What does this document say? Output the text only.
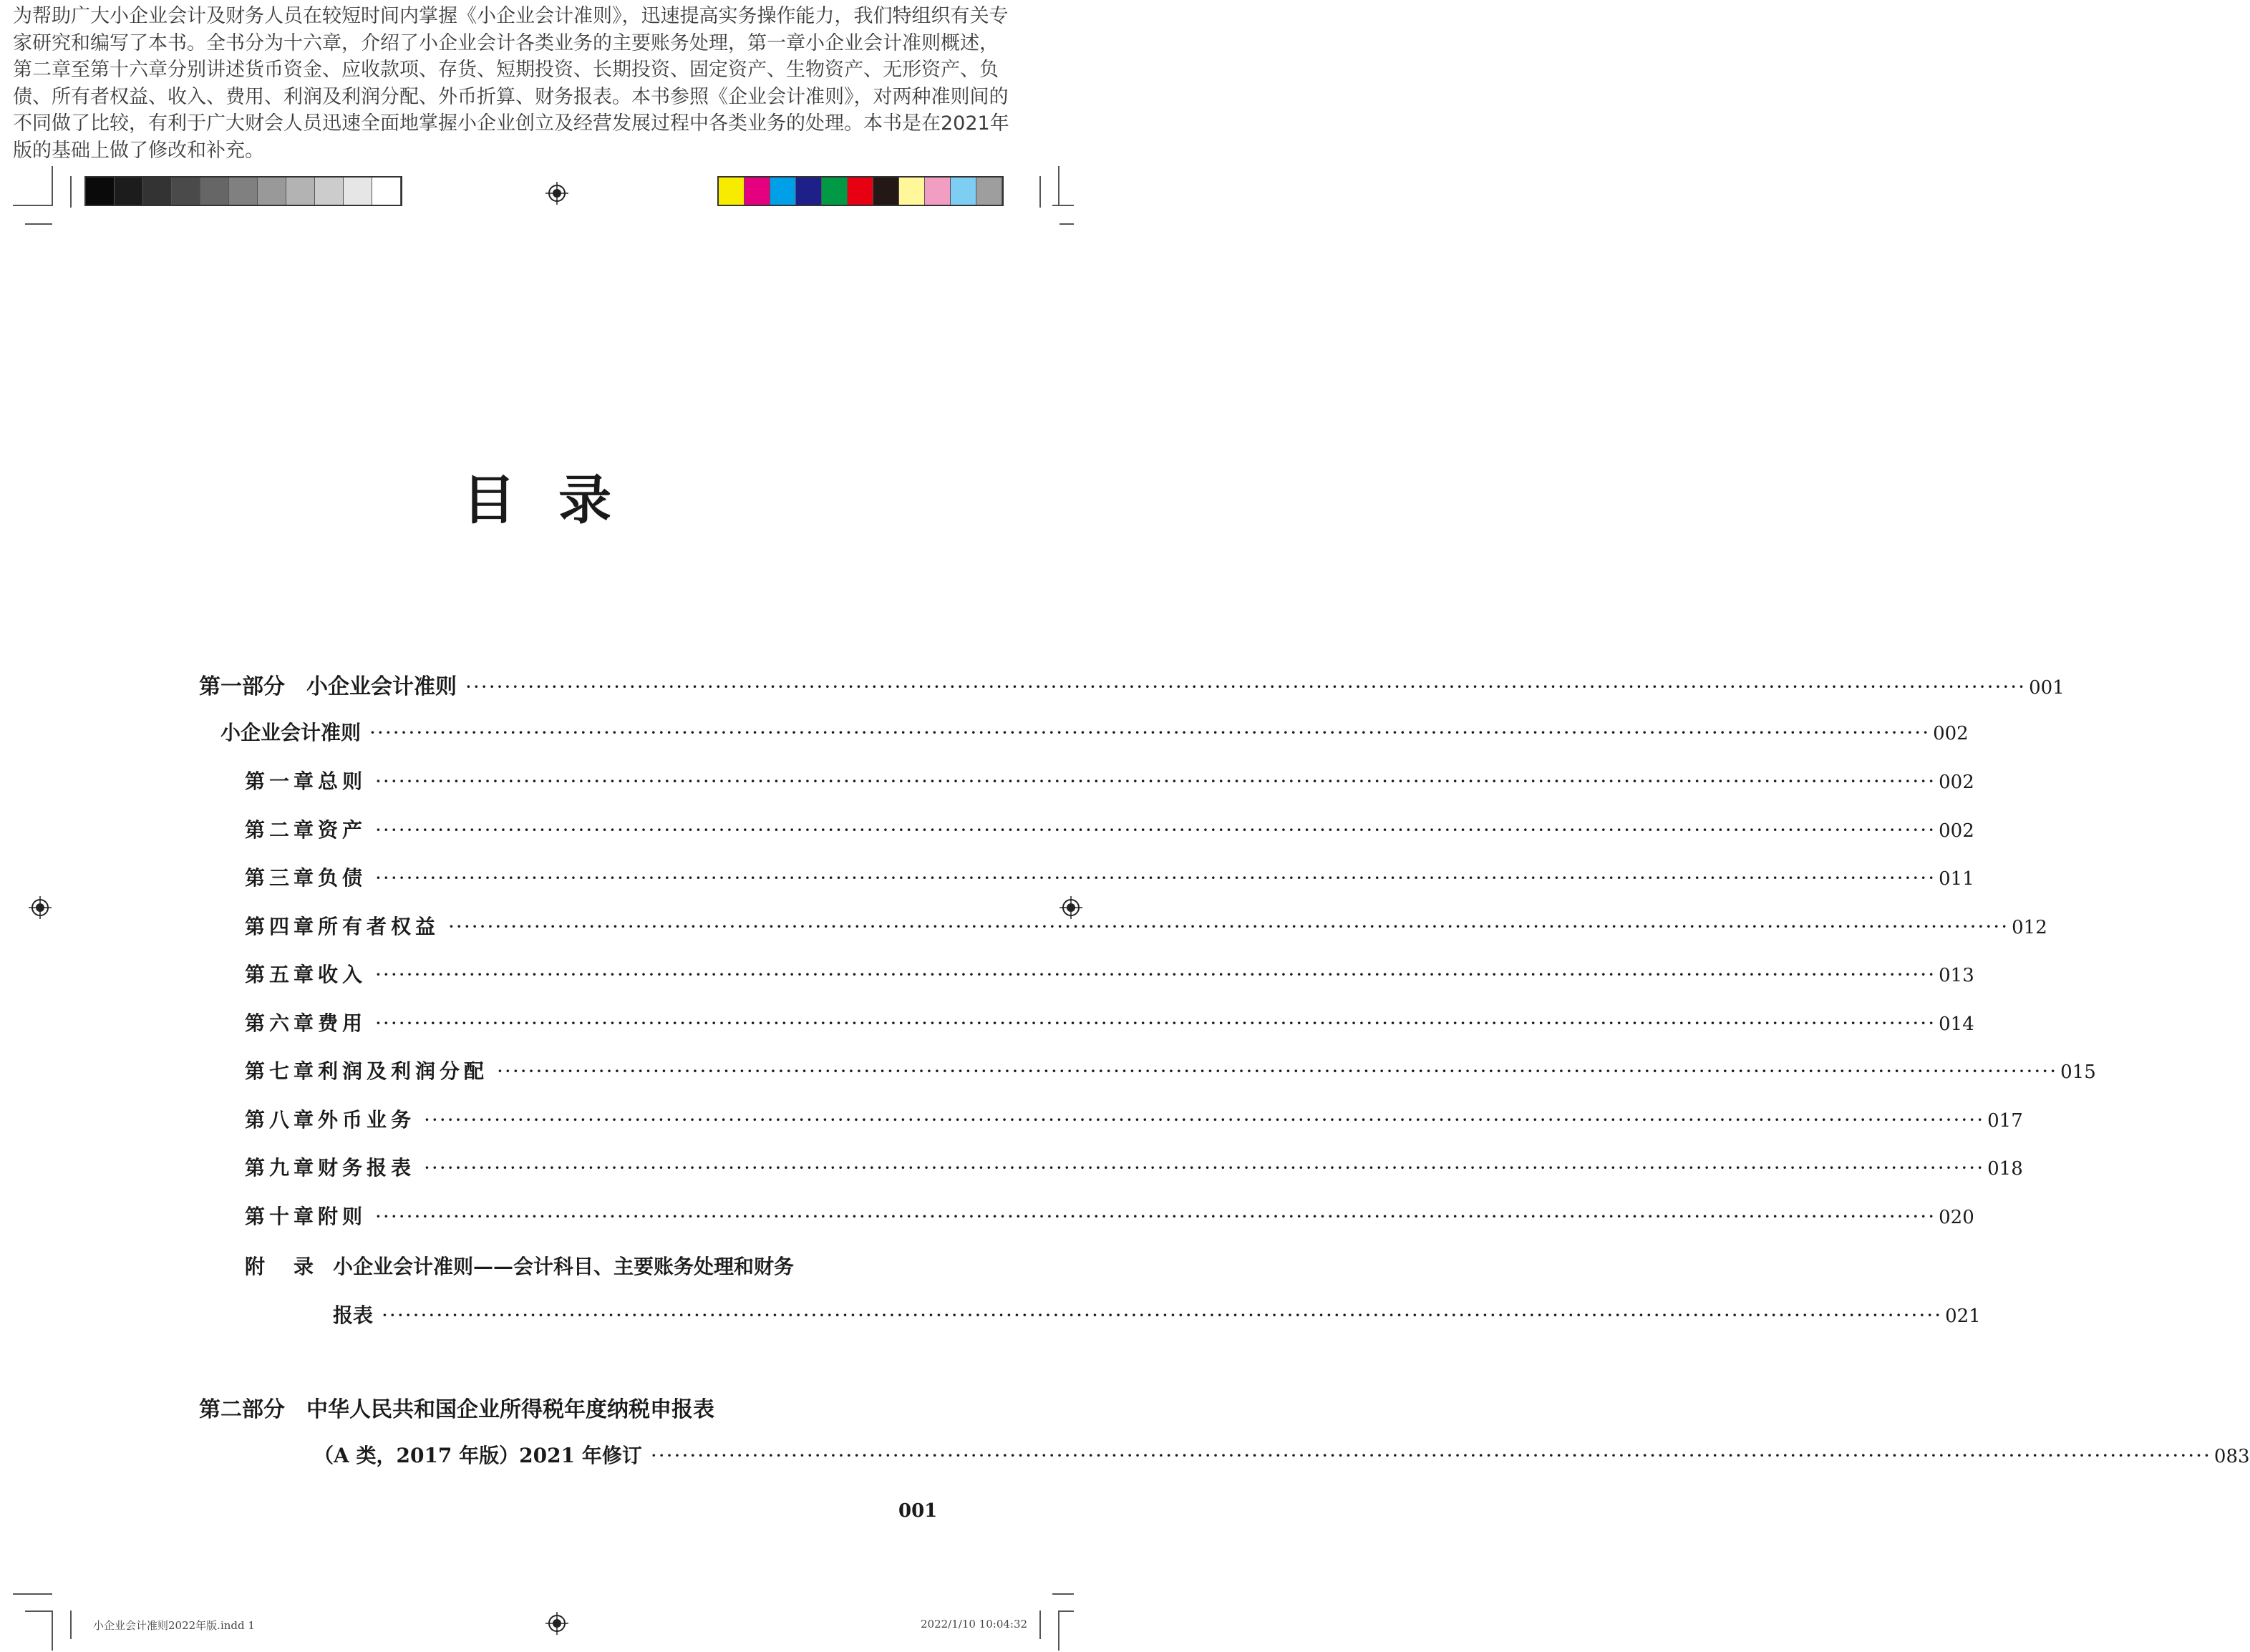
为帮助广大小企业会计及财务人员在较短时间内掌握《小企业会计准则》，迅速提高实务操作能力，我们特组织有关专家研究和编写了本书。全书分为十六章，介绍了小企业会计各类业务的主要账务处理，第一章小企业会计准则概述，第二章至第十六章分别讲述货币资金、应收款项、存货、短期投资、长期投资、固定资产、生物资产、无形资产、负债、所有者权益、收入、费用、利润及利润分配、外币折算、财务报表。本书参照《企业会计准则》，对两种准则间的不同做了比较，有利于广大财会人员迅速全面地掌握小企业创立及经营发展过程中各类业务的处理。本书是在2021年版的基础上做了修改和补充。

目录
第一部分　小企业会计准则 ········································································································································································································ 001
小企业会计准则 ········································································································································································································ 002
第一章 总则 ········································································································································································································ 002
第二章 资产 ········································································································································································································ 002
第三章 负债 ········································································································································································································ 011
第四章 所有者权益 ········································································································································································································ 012
第五章 收入 ········································································································································································································ 013
第六章 费用 ········································································································································································································ 014
第七章 利润及利润分配 ········································································································································································································ 015
第八章 外币业务 ········································································································································································································ 017
第九章 财务报表 ········································································································································································································ 018
第十章 附则 ········································································································································································································ 020
附　录 小企业会计准则——会计科目、主要账务处理和财务
报表 ········································································································································································································ 021
第二部分　中华人民共和国企业所得税年度纳税申报表
（A 类，2017 年版）2021 年修订 ········································································································································································································ 083
001
小企业会计准则2022年版.indd 1	2022/1/10 10:04:32
